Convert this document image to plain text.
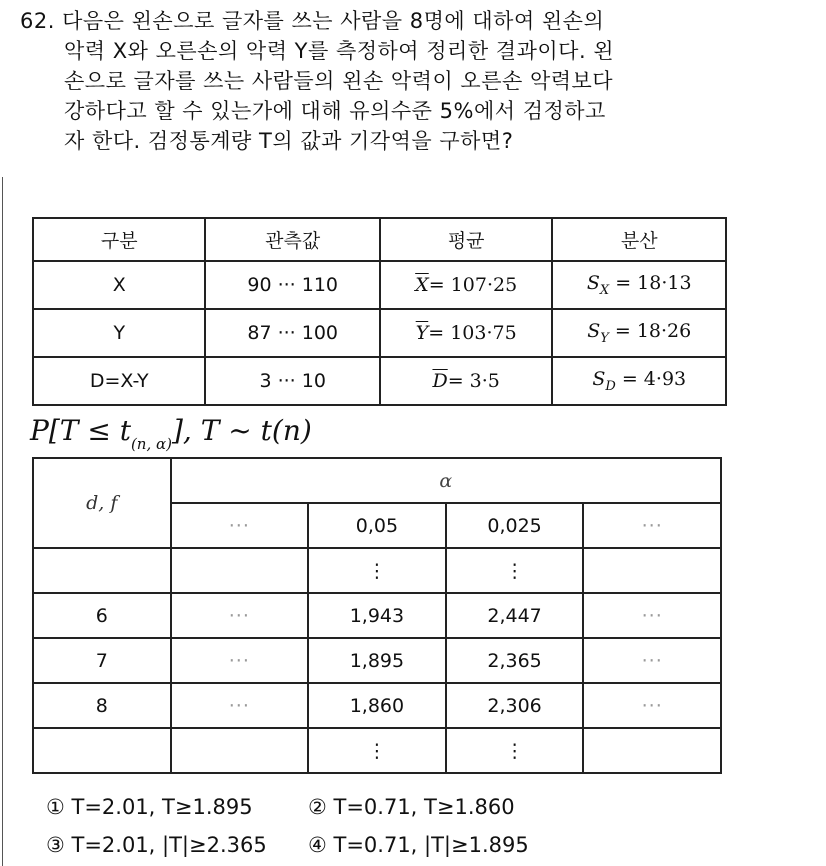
62. 다음은 왼손으로 글자를 쓰는 사람을 8명에 대하여 왼손의
악력 X와 오른손의 악력 Y를 측정하여 정리한 결과이다. 왼
손으로 글자를 쓰는 사람들의 왼손 악력이 오른손 악력보다
강하다고 할 수 있는가에 대해 유의수준 5%에서 검정하고
자 한다. 검정통계량 T의 값과 기각역을 구하면?
구분	관측값	평균	분산
X	90 ··· 110	$\overline{X}= 107\cdot 25$	$S_X = 18\cdot 13$
Y	87 ··· 100	$\overline{Y}= 103\cdot 75$	$S_Y = 18\cdot 26$
D=X-Y	3 ··· 10	$\overline{D}= 3\cdot 5$	$S_D = 4\cdot 93$
$P[T \le t_{(n, \alpha)}]$, T ~ t(n)
d, f	α			
	···	0,05	0,025	···
		⋮	⋮	
6	···	1,943	2,447	···
7	···	1,895	2,365	···
8	···	1,860	2,306	···
		⋮	⋮	
① T=2.01, T≥1.895	② T=0.71, T≥1.860
③ T=2.01, |T|≥2.365 ④ T=0.71, |T|≥1.895
